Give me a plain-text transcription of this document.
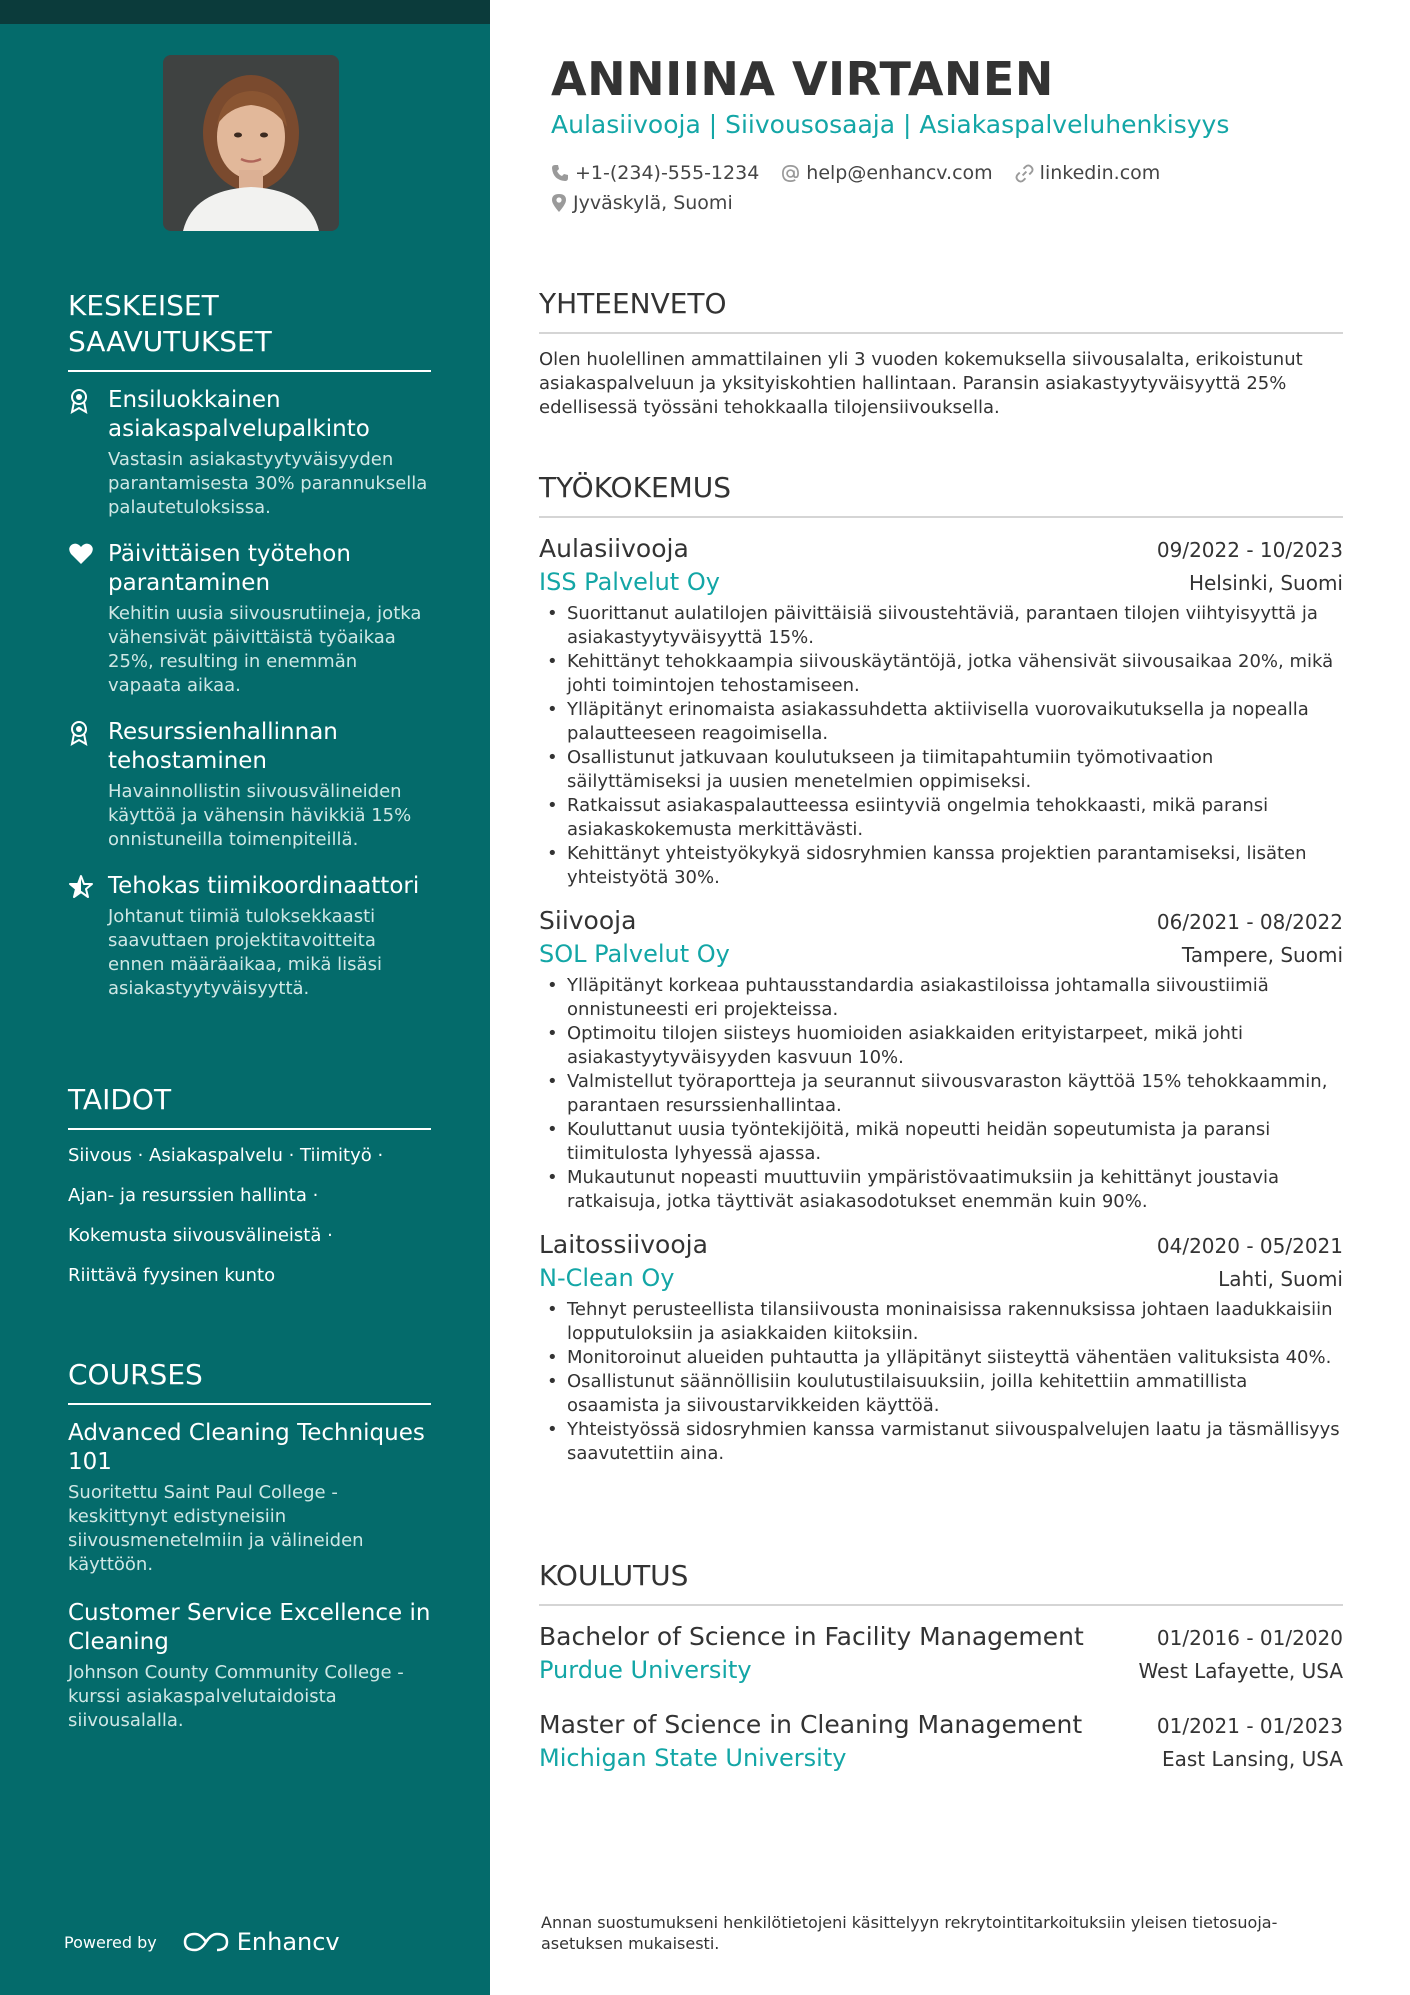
KESKEISET SAAVUTUKSET
Ensiluokkainen asiakaspalvelupalkinto
Vastasin asiakastyytyväisyyden parantamisesta 30% parannuksella palautetuloksissa.
Päivittäisen työtehon parantaminen
Kehitin uusia siivousrutiineja, jotka vähensivät päivittäistä työaikaa 25%, resulting in enemmän vapaata aikaa.
Resurssienhallinnan tehostaminen
Havainnollistin siivousvälineiden käyttöä ja vähensin hävikkiä 15% onnistuneilla toimenpiteillä.
Tehokas tiimikoordinaattori
Johtanut tiimiä tuloksekkaasti saavuttaen projektitavoitteita ennen määräaikaa, mikä lisäsi asiakastyytyväisyyttä.
TAIDOT
Siivous · Asiakaspalvelu · Tiimityö ·
Ajan- ja resurssien hallinta ·
Kokemusta siivousvälineistä ·
Riittävä fyysinen kunto
COURSES
Advanced Cleaning Techniques 101
Suoritettu Saint Paul College - keskittynyt edistyneisiin siivousmenetelmiin ja välineiden käyttöön.
Customer Service Excellence in Cleaning
Johnson County Community College - kurssi asiakaspalvelutaidoista siivousalalla.
Powered by	Enhancv
ANNIINA VIRTANEN
Aulasiivooja | Siivousosaaja | Asiakaspalveluhenkisyys
+1-(234)-555-1234 help@enhancv.com linkedin.com
Jyväskylä, Suomi
YHTEENVETO
Olen huolellinen ammattilainen yli 3 vuoden kokemuksella siivousalalta, erikoistunut asiakaspalveluun ja yksityiskohtien hallintaan. Paransin asiakastyytyväisyyttä 25% edellisessä työssäni tehokkaalla tilojensiivouksella.
TYÖKOKEMUS
Aulasiivooja	09/2022 - 10/2023
ISS Palvelut Oy	Helsinki, Suomi
• Suorittanut aulatilojen päivittäisiä siivoustehtäviä, parantaen tilojen viihtyisyyttä ja asiakastyytyväisyyttä 15%.
• Kehittänyt tehokkaampia siivouskäytäntöjä, jotka vähensivät siivousaikaa 20%, mikä johti toimintojen tehostamiseen.
• Ylläpitänyt erinomaista asiakassuhdetta aktiivisella vuorovaikutuksella ja nopealla palautteeseen reagoimisella.
• Osallistunut jatkuvaan koulutukseen ja tiimitapahtumiin työmotivaation säilyttämiseksi ja uusien menetelmien oppimiseksi.
• Ratkaissut asiakaspalautteessa esiintyviä ongelmia tehokkaasti, mikä paransi asiakaskokemusta merkittävästi.
• Kehittänyt yhteistyökykyä sidosryhmien kanssa projektien parantamiseksi, lisäten yhteistyötä 30%.
Siivooja	06/2021 - 08/2022
SOL Palvelut Oy	Tampere, Suomi
• Ylläpitänyt korkeaa puhtausstandardia asiakastiloissa johtamalla siivoustiimiä onnistuneesti eri projekteissa.
• Optimoitu tilojen siisteys huomioiden asiakkaiden erityistarpeet, mikä johti asiakastyytyväisyyden kasvuun 10%.
• Valmistellut työraportteja ja seurannut siivousvaraston käyttöä 15% tehokkaammin, parantaen resurssienhallintaa.
• Kouluttanut uusia työntekijöitä, mikä nopeutti heidän sopeutumista ja paransi tiimitulosta lyhyessä ajassa.
• Mukautunut nopeasti muuttuviin ympäristövaatimuksiin ja kehittänyt joustavia ratkaisuja, jotka täyttivät asiakasodotukset enemmän kuin 90%.
Laitossiivooja	04/2020 - 05/2021
N-Clean Oy	Lahti, Suomi
• Tehnyt perusteellista tilansiivousta moninaisissa rakennuksissa johtaen laadukkaisiin lopputuloksiin ja asiakkaiden kiitoksiin.
• Monitoroinut alueiden puhtautta ja ylläpitänyt siisteyttä vähentäen valituksista 40%.
• Osallistunut säännöllisiin koulutustilaisuuksiin, joilla kehitettiin ammatillista osaamista ja siivoustarvikkeiden käyttöä.
• Yhteistyössä sidosryhmien kanssa varmistanut siivouspalvelujen laatu ja täsmällisyys saavutettiin aina.
KOULUTUS
Bachelor of Science in Facility Management	01/2016 - 01/2020
Purdue University	West Lafayette, USA
Master of Science in Cleaning Management	01/2021 - 01/2023
Michigan State University	East Lansing, USA
Annan suostumukseni henkilötietojeni käsittelyyn rekrytointitarkoituksiin yleisen tietosuoja-asetuksen mukaisesti.
